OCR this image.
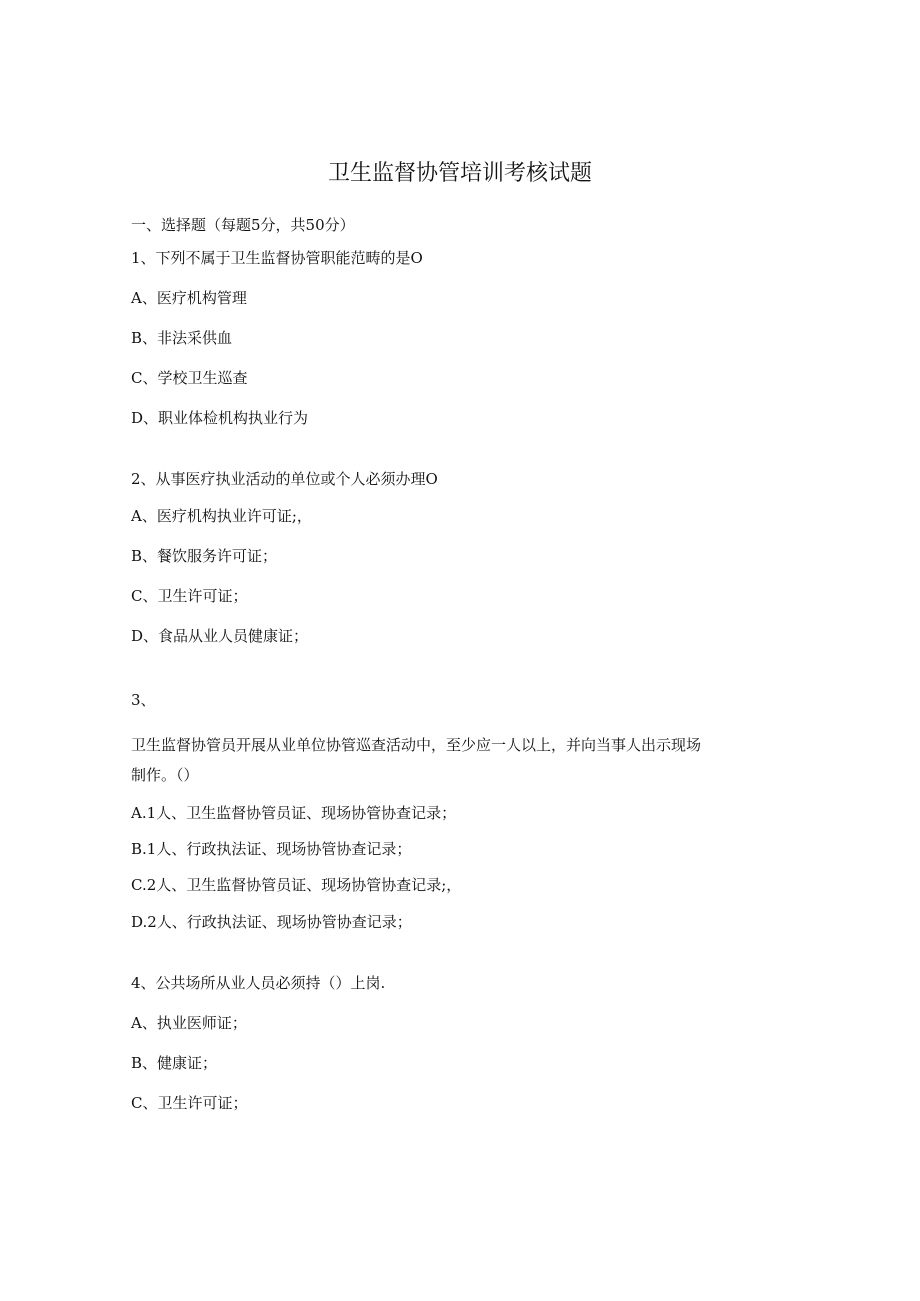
卫生监督协管培训考核试题
一、选择题（每题5分，共50分）
1、下列不属于卫生监督协管职能范畴的是O
A、医疗机构管理
B、非法采供血
C、学校卫生巡查
D、职业体检机构执业行为
2、从事医疗执业活动的单位或个人必须办理O
A、医疗机构执业许可证;，
B、餐饮服务许可证；
C、卫生许可证；
D、食品从业人员健康证；
3、
卫生监督协管员开展从业单位协管巡查活动中，至少应一人以上，并向当事人出示现场
制作。（）
A.1人、卫生监督协管员证、现场协管协查记录；
B.1人、行政执法证、现场协管协查记录；
C.2人、卫生监督协管员证、现场协管协查记录;，
D.2人、行政执法证、现场协管协查记录；
4、公共场所从业人员必须持（）上岗.
A、执业医师证；
B、健康证；
C、卫生许可证；
